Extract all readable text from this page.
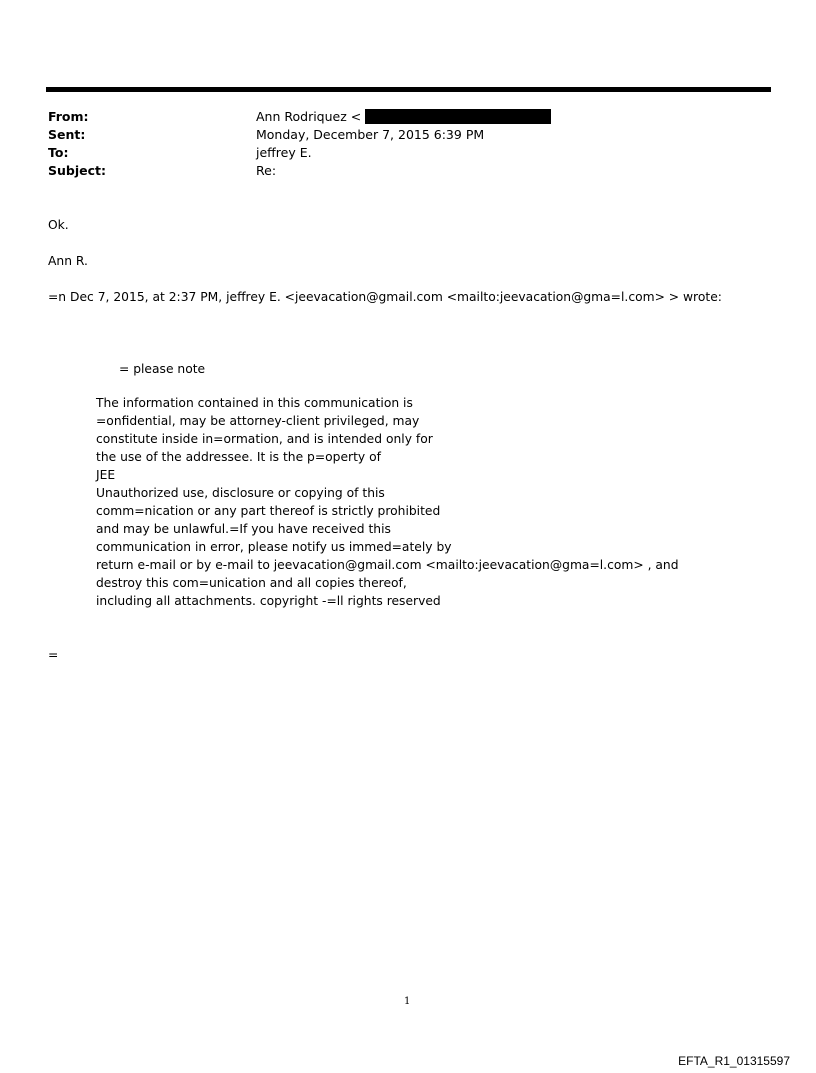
From:	Ann Rodriquez <
Sent:	Monday, December 7, 2015 6:39 PM
To:	jeffrey E.
Subject:	Re:
Ok.
Ann R.
=n Dec 7, 2015, at 2:37 PM, jeffrey E. <jeevacation@gmail.com <mailto:jeevacation@gma=l.com> > wrote:
= please note
The information contained in this communication is
=onfidential, may be attorney-client privileged, may
constitute inside in=ormation, and is intended only for
the use of the addressee. It is the p=operty of
JEE
Unauthorized use, disclosure or copying of this
comm=nication or any part thereof is strictly prohibited
and may be unlawful.=If you have received this
communication in error, please notify us immed=ately by
return e-mail or by e-mail to jeevacation@gmail.com <mailto:jeevacation@gma=l.com> , and
destroy this com=unication and all copies thereof,
including all attachments. copyright -=ll rights reserved
=
1
EFTA_R1_01315597
